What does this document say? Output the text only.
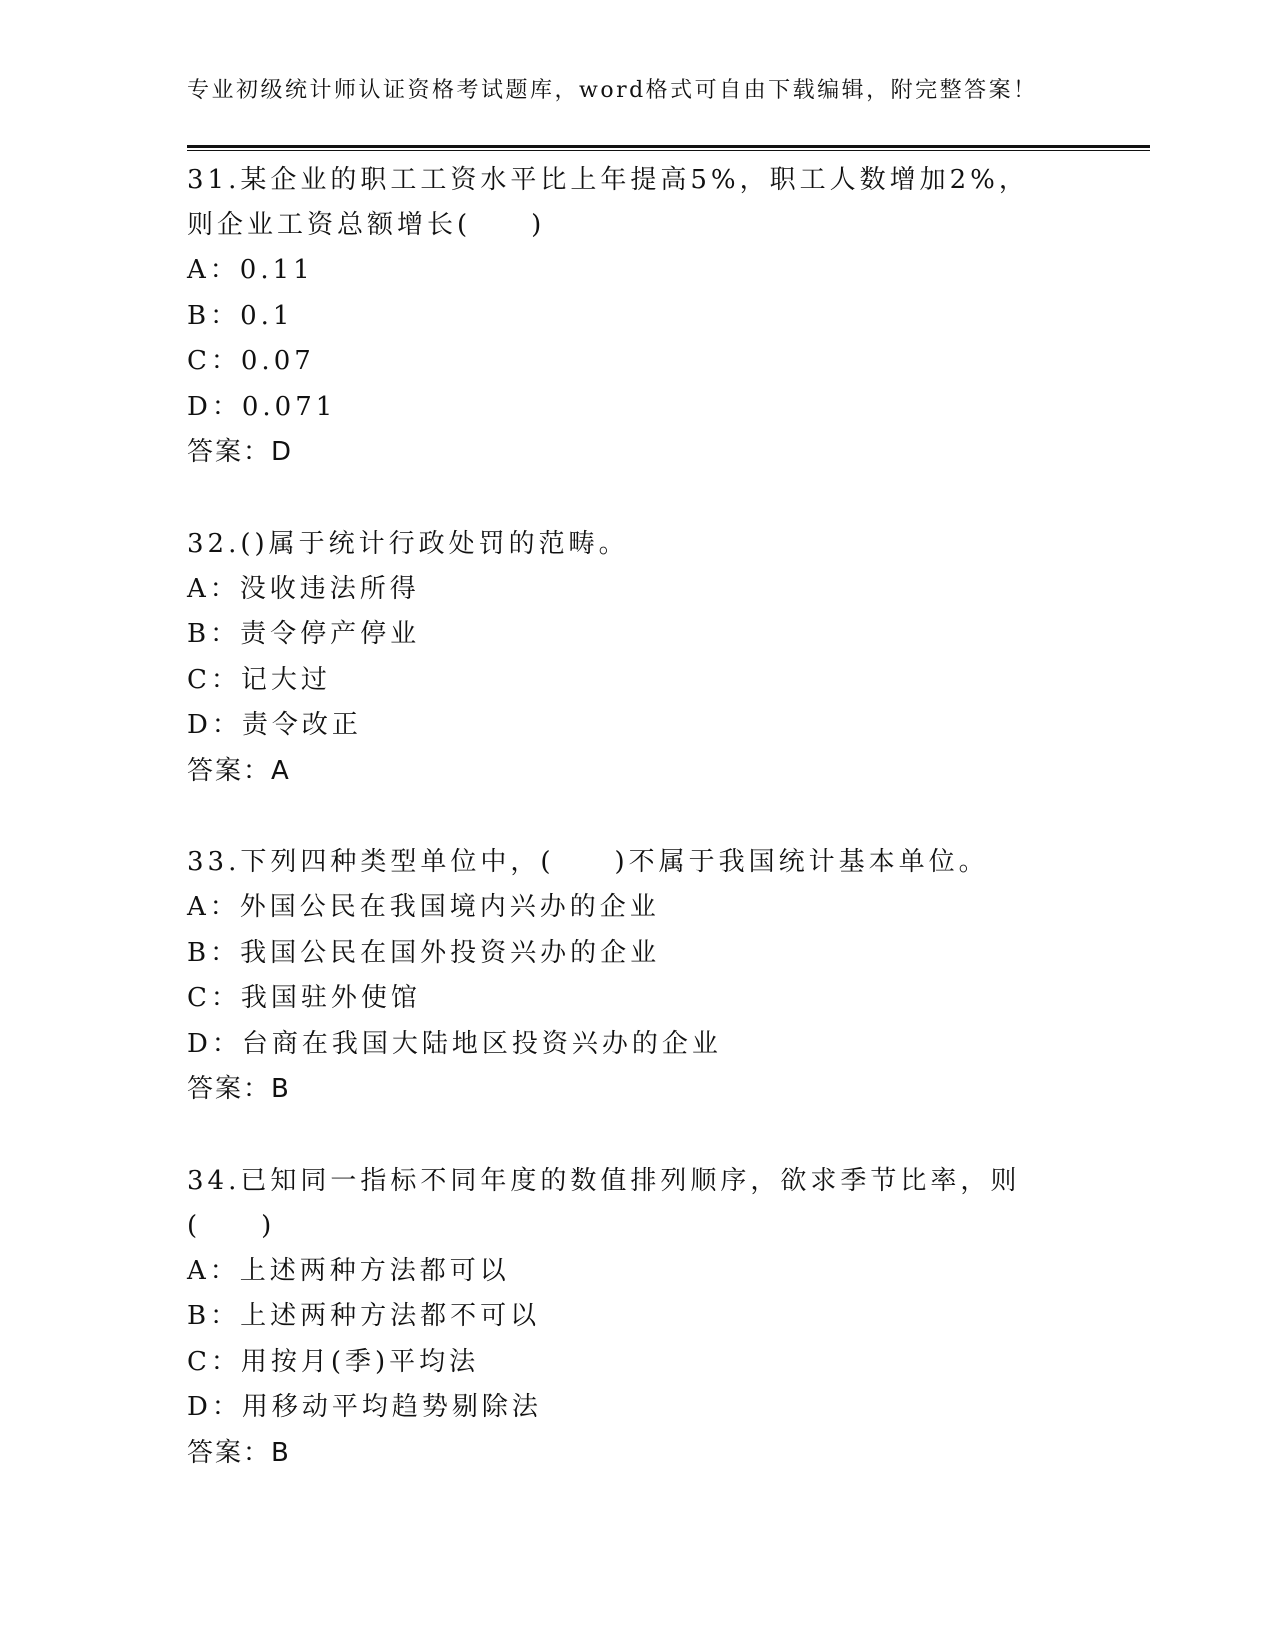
专业初级统计师认证资格考试题库，word格式可自由下载编辑，附完整答案！
31.某企业的职工工资水平比上年提高5%，职工人数增加2%，则企业工资总额增长(　　)
A：0.11
B：0.1
C：0.07
D：0.071
答案：D
32.()属于统计行政处罚的范畴。
A：没收违法所得
B：责令停产停业
C：记大过
D：责令改正
答案：A
33.下列四种类型单位中，(　　)不属于我国统计基本单位。
A：外国公民在我国境内兴办的企业
B：我国公民在国外投资兴办的企业
C：我国驻外使馆
D：台商在我国大陆地区投资兴办的企业
答案：B
34.已知同一指标不同年度的数值排列顺序，欲求季节比率，则(　　)
A：上述两种方法都可以
B：上述两种方法都不可以
C：用按月(季)平均法
D：用移动平均趋势剔除法
答案：B
